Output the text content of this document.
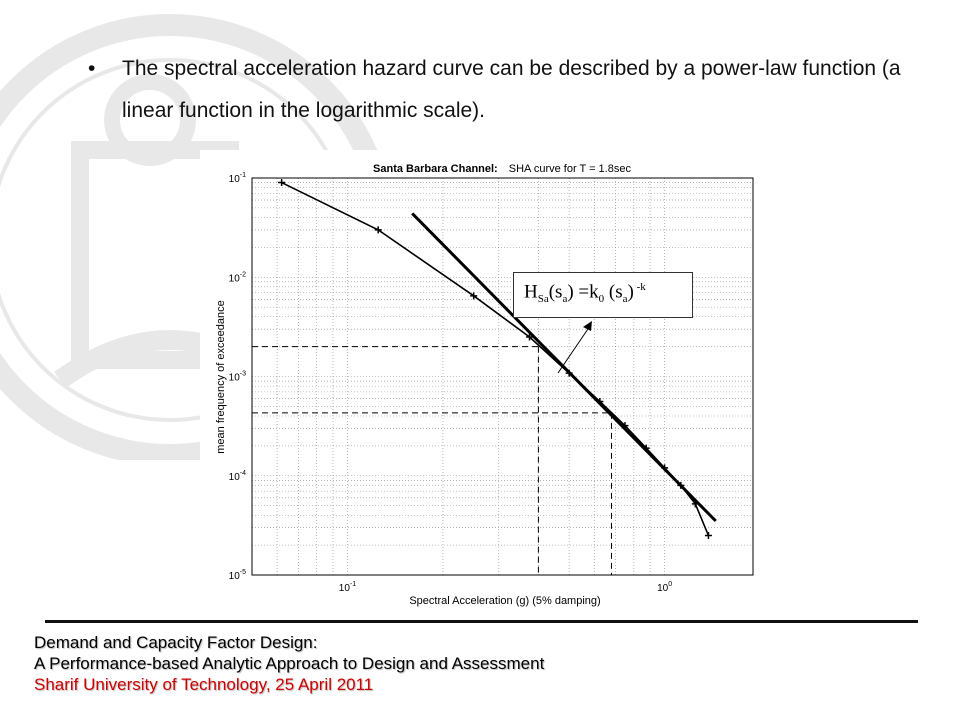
• The spectral acceleration hazard curve can be described by a power-law function (a linear function in the logarithmic scale).
$10^{-1}$	$10^0$
$10^{-1}$
$10^{-2}$
$10^{-3}$
$10^{-4}$
$10^{-5}$
Santa Barbara Channel: SHA curve for T = 1.8sec
Spectral Acceleration (g) (5% damping)
mean frequency of exceedance
$H_{Sa}(s_a) =k_0$ $(s_a)$ $^{-k}$
Demand and Capacity Factor Design:
A Performance-based Analytic Approach to Design and Assessment
Sharif University of Technology, 25 April 2011
